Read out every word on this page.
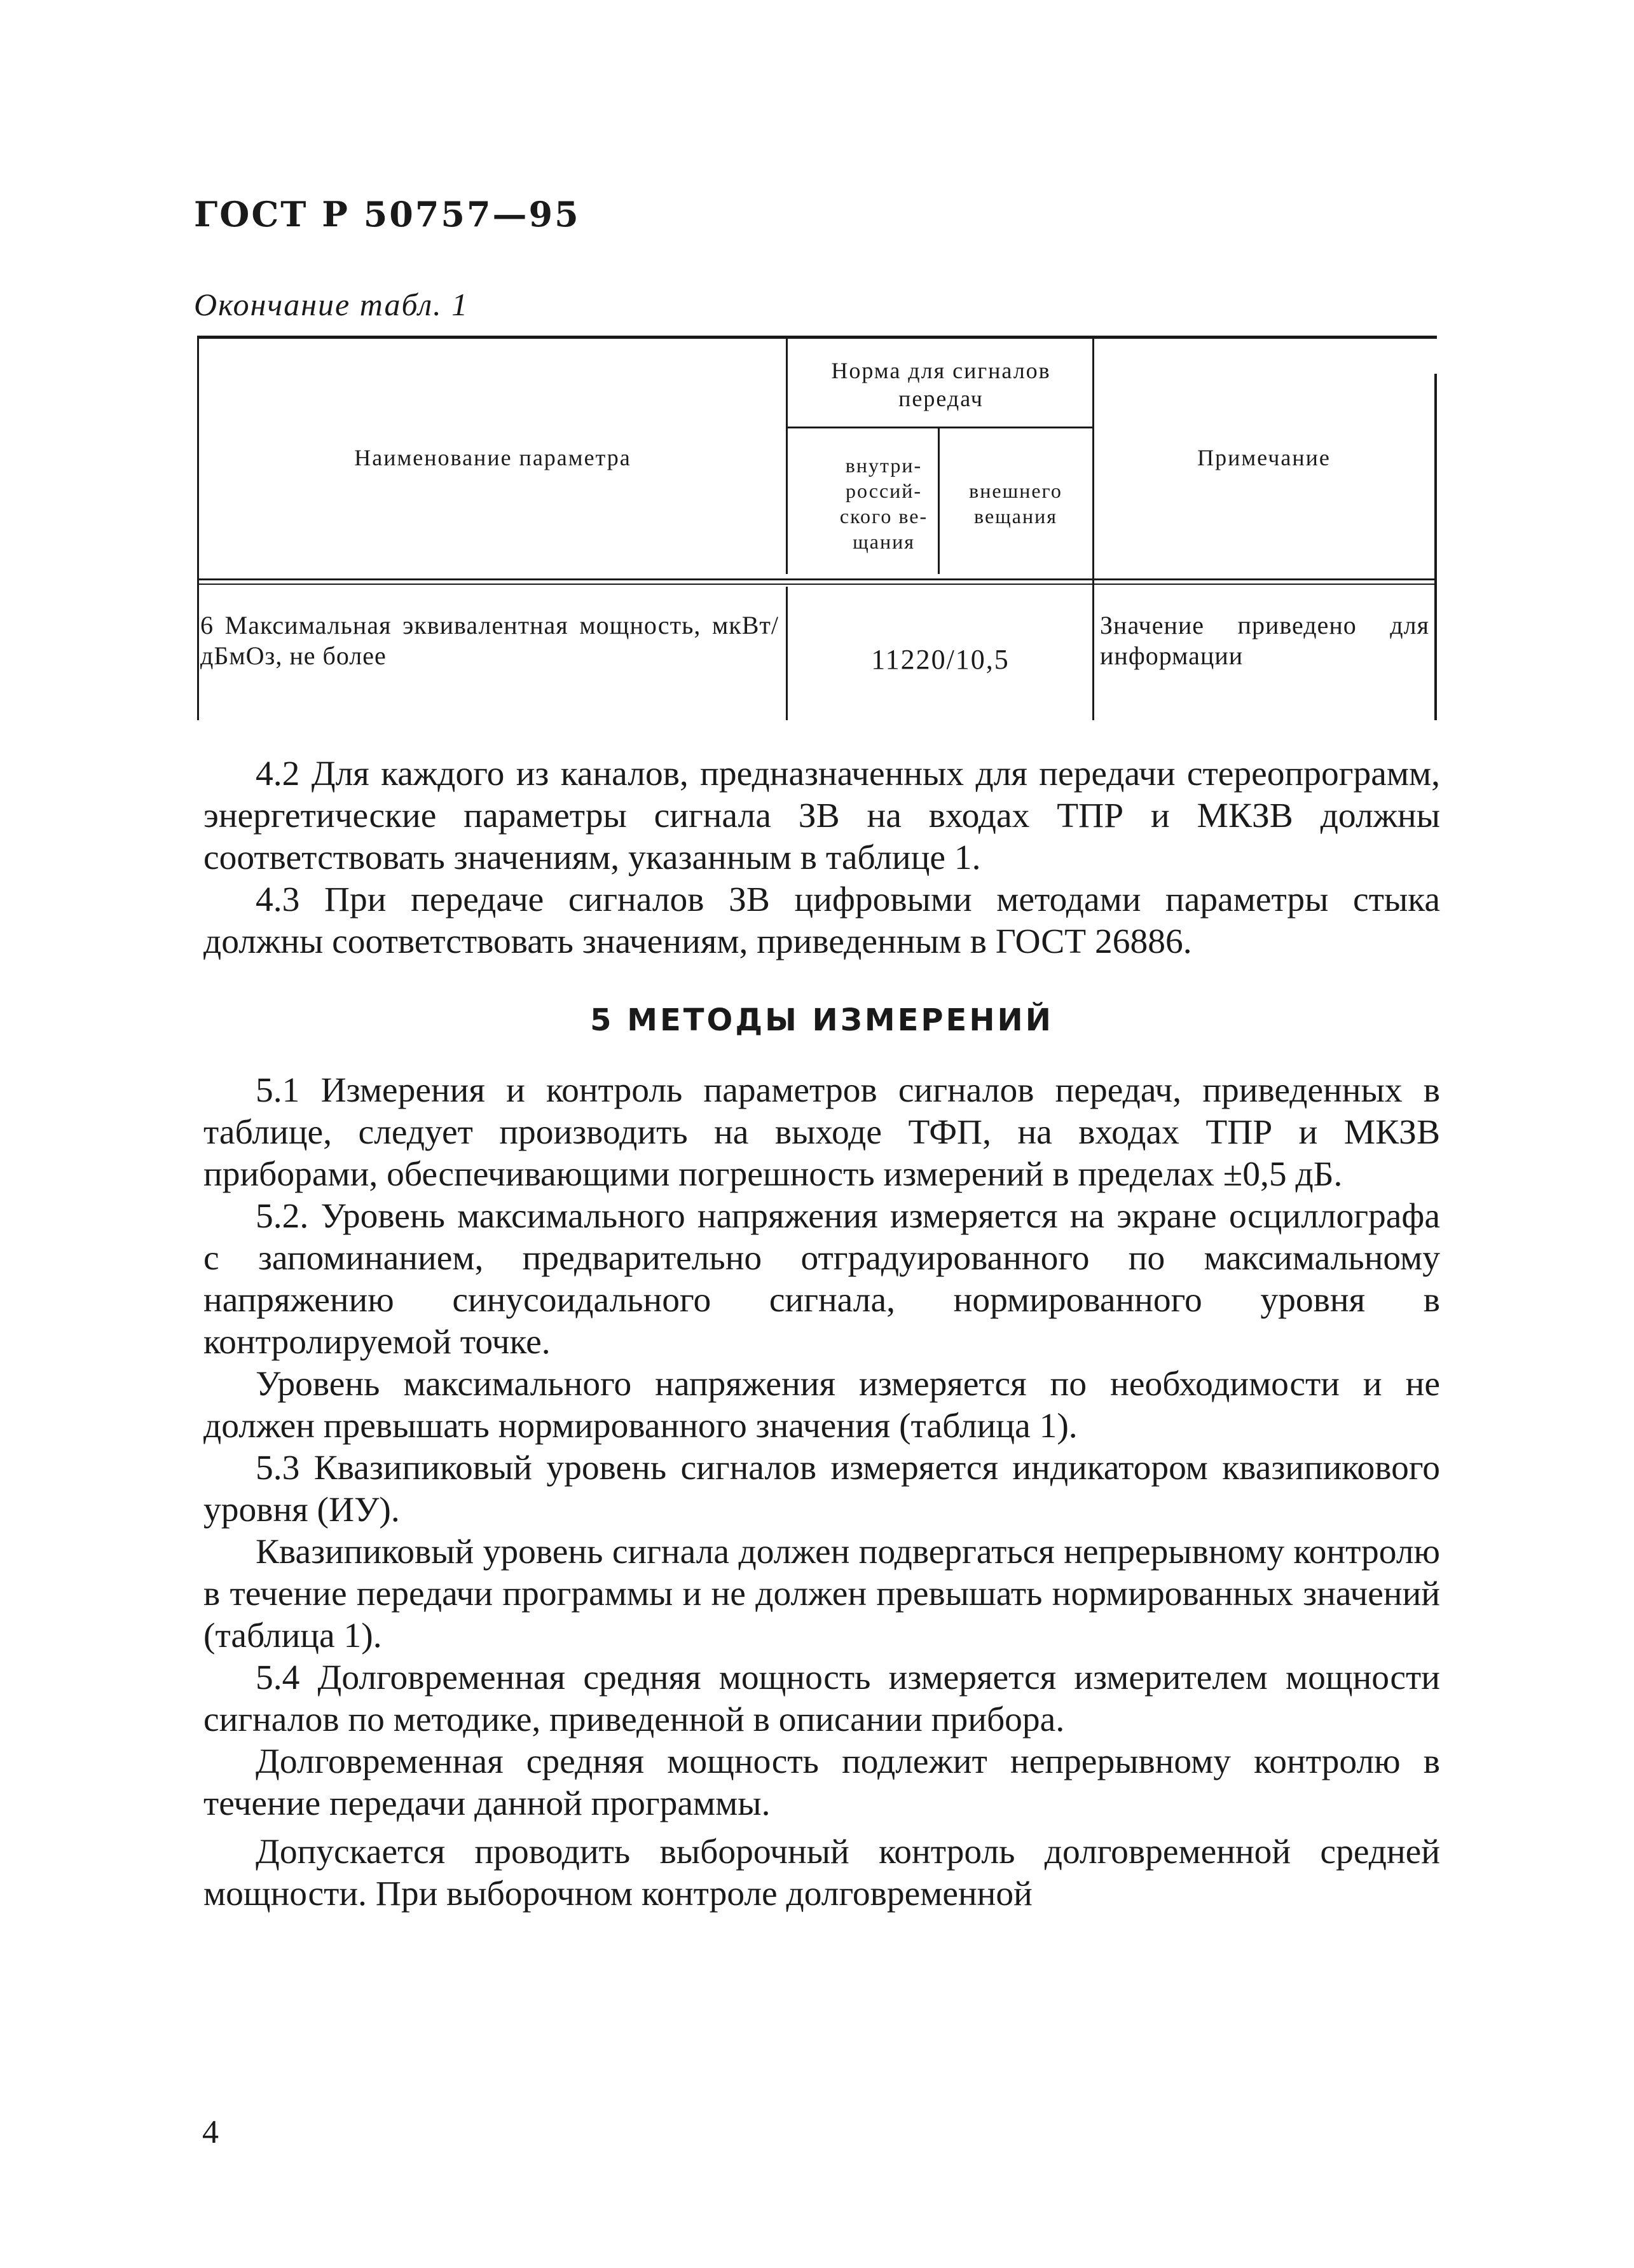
ГОСТ Р 50757—95
Окончание табл. 1
Наименование параметра
Норма для сигналов передач
внутри-россий-ского ве-щания
внешнего вещания
Примечание
6 Максимальная эквивалентная мощность, мкВт/дБмОз, не более	11220/10,5
Значение приведено для информации

4.2 Для каждого из каналов, предназначенных для передачи стереопрограмм, энергетические параметры сигнала ЗВ на входах ТПР и МКЗВ должны соответствовать значениям, указанным в таблице 1.

4.3 При передаче сигналов ЗВ цифровыми методами параметры стыка должны соответствовать значениям, приведенным в ГОСТ 26886.

5 МЕТОДЫ ИЗМЕРЕНИЙ

5.1 Измерения и контроль параметров сигналов передач, приведенных в таблице, следует производить на выходе ТФП, на входах ТПР и МКЗВ приборами, обеспечивающими погрешность измерений в пределах ±0,5 дБ.

5.2. Уровень максимального напряжения измеряется на экране осциллографа с запоминанием, предварительно отградуированного по максимальному напряжению синусоидального сигнала, нормированного уровня в контролируемой точке.

Уровень максимального напряжения измеряется по необходимости и не должен превышать нормированного значения (таблица 1).

5.3 Квазипиковый уровень сигналов измеряется индикатором квазипикового уровня (ИУ).

Квазипиковый уровень сигнала должен подвергаться непрерывному контролю в течение передачи программы и не должен превышать нормированных значений (таблица 1).

5.4 Долговременная средняя мощность измеряется измерителем мощности сигналов по методике, приведенной в описании прибора.

Долговременная средняя мощность подлежит непрерывному контролю в течение передачи данной программы.

Допускается проводить выборочный контроль долговременной средней мощности. При выборочном контроле долговременной

4
